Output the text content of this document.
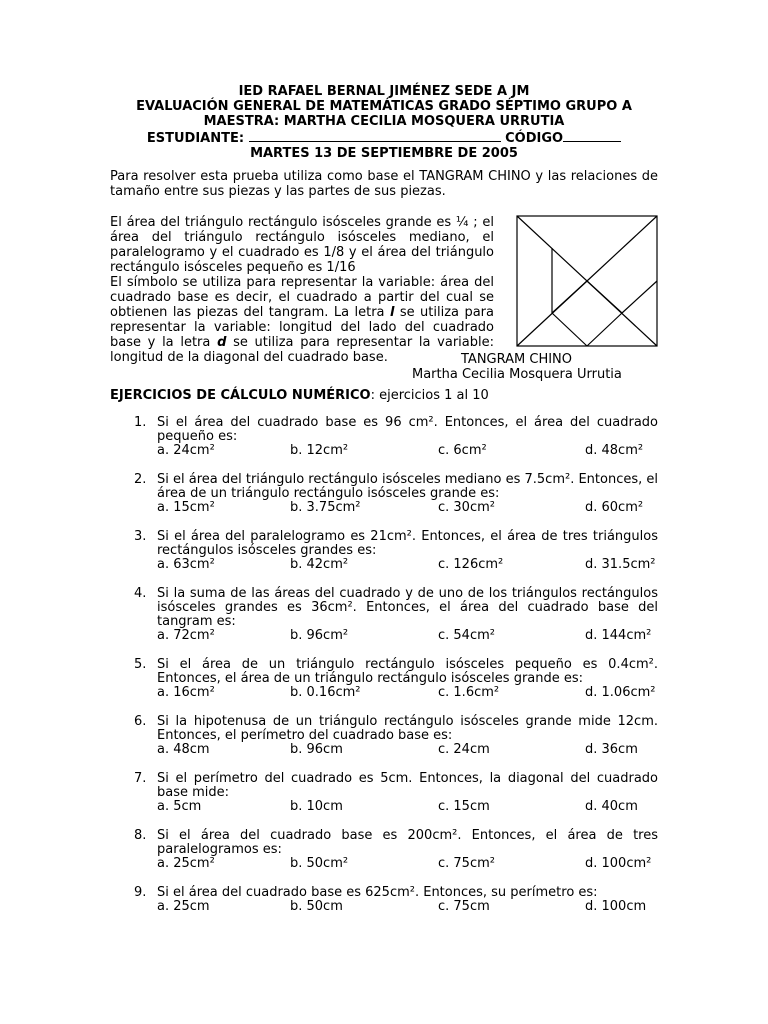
IED RAFAEL BERNAL JIMÉNEZ SEDE A JM
EVALUACIÓN GENERAL DE MATEMÁTICAS GRADO SÉPTIMO GRUPO A
MAESTRA: MARTHA CECILIA MOSQUERA URRUTIA
ESTUDIANTE:	CÓDIGO
MARTES 13 DE SEPTIEMBRE DE 2005
Para resolver esta prueba utiliza como base el TANGRAM CHINO y las relaciones de tamaño entre sus piezas y las partes de sus piezas.

El área del triángulo rectángulo isósceles grande es ¼ ; el área del triángulo rectángulo isósceles mediano, el paralelogramo y el cuadrado es 1/8 y el área del triángulo rectángulo isósceles pequeño es 1/16

El símbolo se utiliza para representar la variable: área del cuadrado base es decir, el cuadrado a partir del cual se obtienen las piezas del tangram. La letra l se utiliza para representar la variable: longitud del lado del cuadrado base y la letra d se utiliza para representar la variable: longitud de la diagonal del cuadrado base.	TANGRAM CHINO
Martha Cecilia Mosquera Urrutia
EJERCICIOS DE CÁLCULO NUMÉRICO: ejercicios 1 al 10
1. Si el área del cuadrado base es 96 cm². Entonces, el área del cuadrado pequeño es:
a. 24cm²	b. 12cm²	c. 6cm²	d. 48cm²
2. Si el área del triángulo rectángulo isósceles mediano es 7.5cm². Entonces, el área de un triángulo rectángulo isósceles grande es:
a. 15cm²	b. 3.75cm²	c. 30cm²	d. 60cm²
3. Si el área del paralelogramo es 21cm². Entonces, el área de tres triángulos rectángulos isósceles grandes es:
a. 63cm²	b. 42cm²	c. 126cm²	d. 31.5cm²
4. Si la suma de las áreas del cuadrado y de uno de los triángulos rectángulos isósceles grandes es 36cm². Entonces, el área del cuadrado base del tangram es:
a. 72cm²	b. 96cm²	c. 54cm²	d. 144cm²
5. Si el área de un triángulo rectángulo isósceles pequeño es 0.4cm². Entonces, el área de un triángulo rectángulo isósceles grande es:
a. 16cm²	b. 0.16cm²	c. 1.6cm²	d. 1.06cm²
6. Si la hipotenusa de un triángulo rectángulo isósceles grande mide 12cm. Entonces, el perímetro del cuadrado base es:
a. 48cm	b. 96cm	c. 24cm	d. 36cm
7. Si el perímetro del cuadrado es 5cm. Entonces, la diagonal del cuadrado base mide:
a. 5cm	b. 10cm	c. 15cm	d. 40cm
8. Si el área del cuadrado base es 200cm². Entonces, el área de tres paralelogramos es:
a. 25cm²	b. 50cm²	c. 75cm²	d. 100cm²
9. Si el área del cuadrado base es 625cm². Entonces, su perímetro es:
a. 25cm	b. 50cm	c. 75cm	d. 100cm
